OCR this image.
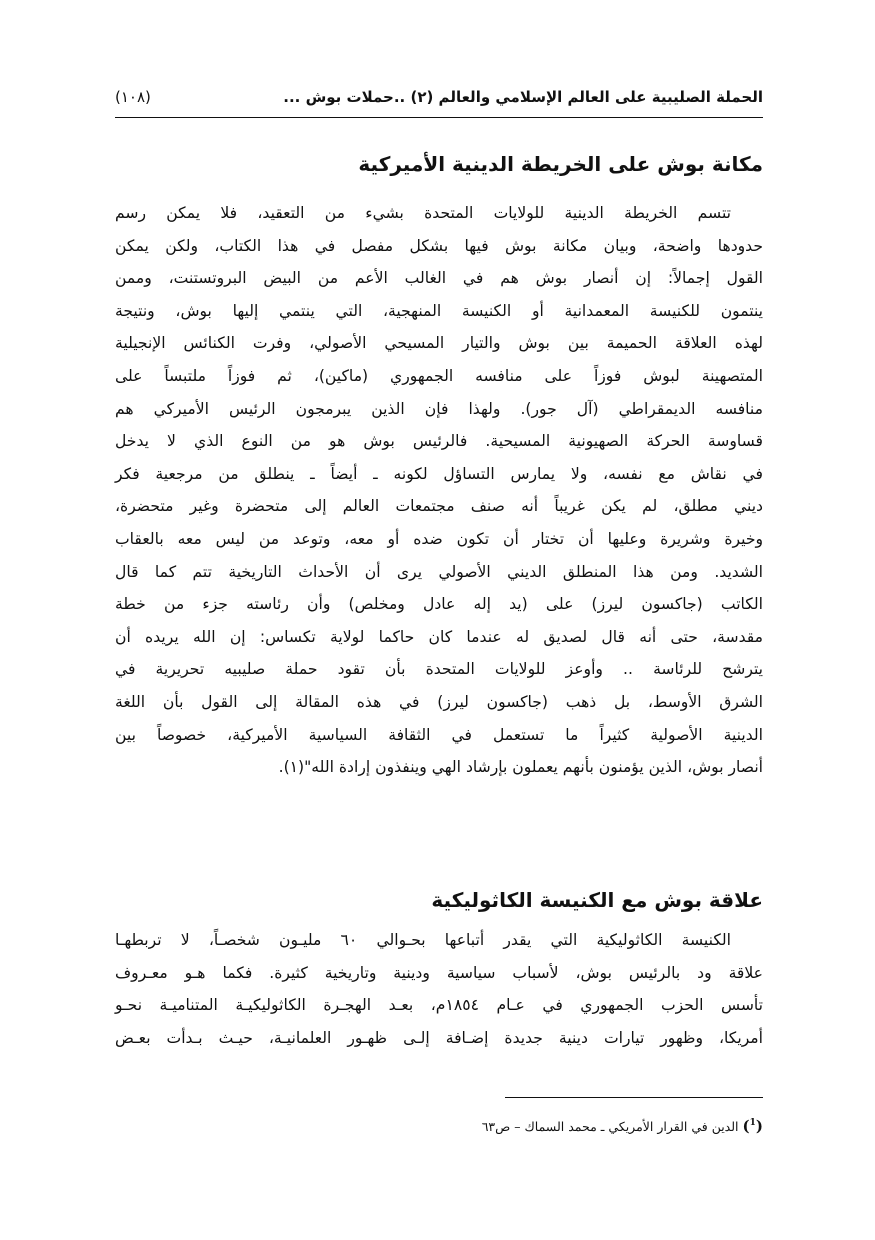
الحملة الصليبية على العالم الإسلامي والعالم (٢) ..حملات بوش ...
(١٠٨)
مكانة بوش على الخريطة الدينية الأميركية
تتسم الخريطة الدينية للولايات المتحدة بشيء من التعقيد، فلا يمكن رسم
حدودها واضحة، وبيان مكانة بوش فيها بشكل مفصل في هذا الكتاب، ولكن يمكن
القول إجمالاً: إن أنصار بوش هم في الغالب الأعم من البيض البروتستنت، وممن
ينتمون للكنيسة المعمدانية أو الكنيسة المنهجية، التي ينتمي إليها بوش، ونتيجة
لهذه العلاقة الحميمة بين بوش والتيار المسيحي الأصولي، وفرت الكنائس الإنجيلية
المتصهينة لبوش فوزاً على منافسه الجمهوري (ماكين)، ثم فوزاً ملتبساً على
منافسه الديمقراطي (آل جور). ولهذا فإن الذين يبرمجون الرئيس الأميركي هم
قساوسة الحركة الصهيونية المسيحية. فالرئيس بوش هو من النوع الذي لا يدخل
في نقاش مع نفسه، ولا يمارس التساؤل لكونه ـ أيضاً ـ ينطلق من مرجعية فكر
ديني مطلق، لم يكن غريباً أنه صنف مجتمعات العالم إلى متحضرة وغير متحضرة،
وخيرة وشريرة وعليها أن تختار أن تكون ضده أو معه، وتوعد من ليس معه بالعقاب
الشديد. ومن هذا المنطلق الديني الأصولي يرى أن الأحداث التاريخية تتم كما قال
الكاتب (جاكسون ليرز) على (يد إله عادل ومخلص) وأن رئاسته جزء من خطة
مقدسة، حتى أنه قال لصديق له عندما كان حاكما لولاية تكساس: إن الله يريده أن
يترشح للرئاسة .. وأوعز للولايات المتحدة بأن تقود حملة صليبيه تحريرية في
الشرق الأوسط، بل ذهب (جاكسون ليرز) في هذه المقالة إلى القول بأن اللغة
الدينية الأصولية كثيراً ما تستعمل في الثقافة السياسية الأميركية، خصوصاً بين
أنصار بوش، الذين يؤمنون بأنهم يعملون بإرشاد الهي وينفذون إرادة الله"(١).
علاقة بوش مع الكنيسة الكاثوليكية
الكنيسة الكاثوليكية التي يقدر أتباعها بحـوالي ٦٠ مليـون شخصـاً، لا تربطهـا
علاقة ود بالرئيس بوش، لأسباب سياسية ودينية وتاريخية كثيرة. فكما هـو معـروف
تأسس الحزب الجمهوري في عـام ١٨٥٤م، بعـد الهجـرة الكاثوليكيـة المتناميـة نحـو
أمريكا، وظهور تيارات دينية جديدة إضـافة إلـى ظهـور العلمانيـة، حيـث بـدأت بعـض
($^1$) الدين في القرار الأمريكي ـ محمد السماك – ص٦٣
